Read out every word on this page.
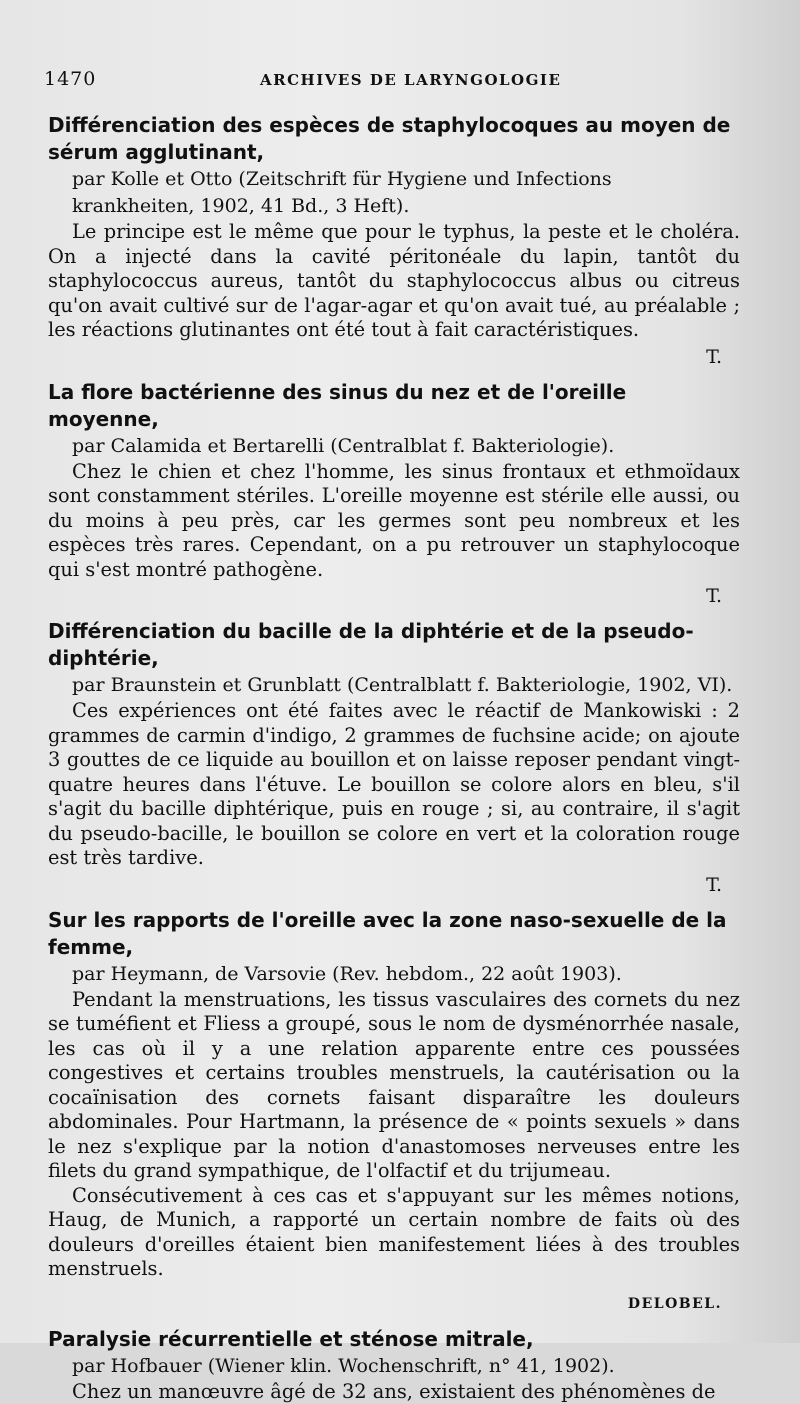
1470	ARCHIVES DE LARYNGOLOGIE

Différenciation des espèces de staphylocoques au moyen de sérum agglutinant,
par Kolle et Otto (Zeitschrift für Hygiene und Infections krankheiten, 1902, 41 Bd., 3 Heft).

Le principe est le même que pour le typhus, la peste et le choléra. On a injecté dans la cavité péritonéale du lapin, tantôt du staphylococcus aureus, tantôt du staphylococcus albus ou citreus qu'on avait cultivé sur de l'agar-agar et qu'on avait tué, au préalable ; les réactions glutinantes ont été tout à fait caractéristiques.

T.

La flore bactérienne des sinus du nez et de l'oreille moyenne,
par Calamida et Bertarelli (Centralblat f. Bakteriologie).

Chez le chien et chez l'homme, les sinus frontaux et ethmoïdaux sont constamment stériles. L'oreille moyenne est stérile elle aussi, ou du moins à peu près, car les germes sont peu nombreux et les espèces très rares. Cependant, on a pu retrouver un staphylocoque qui s'est montré pathogène.

T.

Différenciation du bacille de la diphtérie et de la pseudo-diphtérie,
par Braunstein et Grunblatt (Centralblatt f. Bakteriologie, 1902, VI).

Ces expériences ont été faites avec le réactif de Mankowiski : 2 grammes de carmin d'indigo, 2 grammes de fuchsine acide; on ajoute 3 gouttes de ce liquide au bouillon et on laisse reposer pendant vingt-quatre heures dans l'étuve. Le bouillon se colore alors en bleu, s'il s'agit du bacille diphtérique, puis en rouge ; si, au contraire, il s'agit du pseudo-bacille, le bouillon se colore en vert et la coloration rouge est très tardive.

T.

Sur les rapports de l'oreille avec la zone naso-sexuelle de la femme,
par Heymann, de Varsovie (Rev. hebdom., 22 août 1903).

Pendant la menstruations, les tissus vasculaires des cornets du nez se tuméfient et Fliess a groupé, sous le nom de dysménorrhée nasale, les cas où il y a une relation apparente entre ces poussées congestives et certains troubles menstruels, la cautérisation ou la cocaïnisation des cornets faisant disparaître les douleurs abdominales. Pour Hartmann, la présence de « points sexuels » dans le nez s'explique par la notion d'anastomoses nerveuses entre les filets du grand sympathique, de l'olfactif et du trijumeau.

Consécutivement à ces cas et s'appuyant sur les mêmes notions, Haug, de Munich, a rapporté un certain nombre de faits où des douleurs d'oreilles étaient bien manifestement liées à des troubles menstruels.

DELOBEL.

Paralysie récurrentielle et sténose mitrale,
par Hofbauer (Wiener klin. Wochenschrift, n° 41, 1902).

Chez un manœuvre âgé de 32 ans, existaient des phénomènes de
